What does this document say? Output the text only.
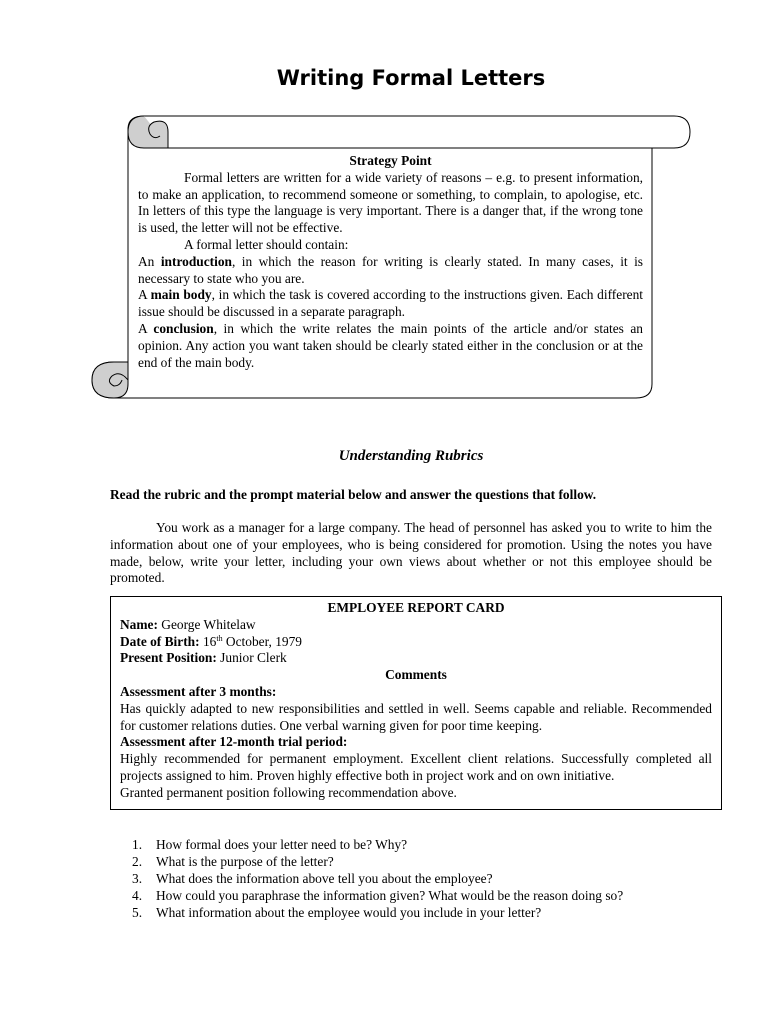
Writing Formal Letters

Strategy Point

Formal letters are written for a wide variety of reasons – e.g. to present information, to make an application, to recommend someone or something, to complain, to apologise, etc. In letters of this type the language is very important. There is a danger that, if the wrong tone is used, the letter will not be effective.

A formal letter should contain:

An introduction, in which the reason for writing is clearly stated. In many cases, it is necessary to state who you are.

A main body, in which the task is covered according to the instructions given. Each different issue should be discussed in a separate paragraph.

A conclusion, in which the write relates the main points of the article and/or states an opinion. Any action you want taken should be clearly stated either in the conclusion or at the end of the main body.

Understanding Rubrics
Read the rubric and the prompt material below and answer the questions that follow.
You work as a manager for a large company. The head of personnel has asked you to write to him the information about one of your employees, who is being considered for promotion. Using the notes you have made, below, write your letter, including your own views about whether or not this employee should be promoted.

EMPLOYEE REPORT CARD

Name: George Whitelaw

Date of Birth: 16th October, 1979

Present Position: Junior Clerk

Comments

Assessment after 3 months:

Has quickly adapted to new responsibilities and settled in well. Seems capable and reliable. Recommended for customer relations duties. One verbal warning given for poor time keeping.

Assessment after 12-month trial period:

Highly recommended for permanent employment. Excellent client relations. Successfully completed all projects assigned to him. Proven highly effective both in project work and on own initiative.

Granted permanent position following recommendation above.

1.	How formal does your letter need to be? Why?
2.	What is the purpose of the letter?
3.	What does the information above tell you about the employee?
4.	How could you paraphrase the information given? What would be the reason doing so?
5.	What information about the employee would you include in your letter?
